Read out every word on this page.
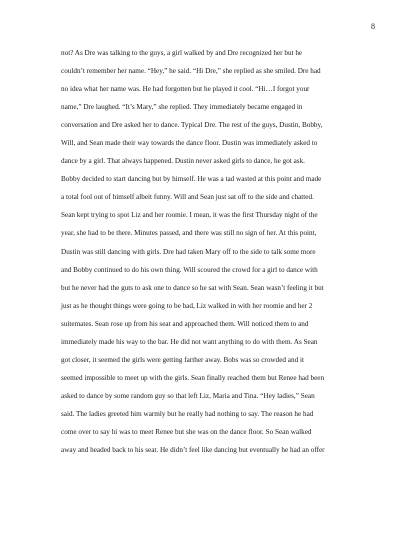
8
not? As Dre was talking to the guys, a girl walked by and Dre recognized her but he
couldn’t remember her name. “Hey,” he said. “Hi Dre,” she replied as she smiled. Dre had
no idea what her name was. He had forgotten but he played it cool. “Hi…I forgot your
name,” Dre laughed. “It’s Mary,” she replied. They immediately became engaged in
conversation and Dre asked her to dance. Typical Dre. The rest of the guys, Dustin, Bobby,
Will, and Sean made their way towards the dance floor. Dustin was immediately asked to
dance by a girl. That always happened. Dustin never asked girls to dance, he got ask.
Bobby decided to start dancing but by himself. He was a tad wasted at this point and made
a total fool out of himself albeit funny. Will and Sean just sat off to the side and chatted.
Sean kept trying to spot Liz and her roomie. I mean, it was the first Thursday night of the
year, she had to be there. Minutes passed, and there was still no sign of her. At this point,
Dustin was still dancing with girls. Dre had taken Mary off to the side to talk some more
and Bobby continued to do his own thing. Will scoured the crowd for a girl to dance with
but he never had the guts to ask one to dance so he sat with Sean. Sean wasn’t feeling it but
just as he thought things were going to be bad, Liz walked in with her roomie and her 2
suitemates. Sean rose up from his seat and approached them. Will noticed them to and
immediately made his way to the bar. He did not want anything to do with them. As Sean
got closer, it seemed the girls were getting farther away. Bobs was so crowded and it
seemed impossible to meet up with the girls. Sean finally reached them but Renee had been
asked to dance by some random guy so that left Liz, Maria and Tina. “Hey ladies,” Sean
said. The ladies greeted him warmly but he really had nothing to say. The reason he had
come over to say hi was to meet Renee but she was on the dance floor. So Sean walked
away and headed back to his seat. He didn’t feel like dancing but eventually he had an offer
